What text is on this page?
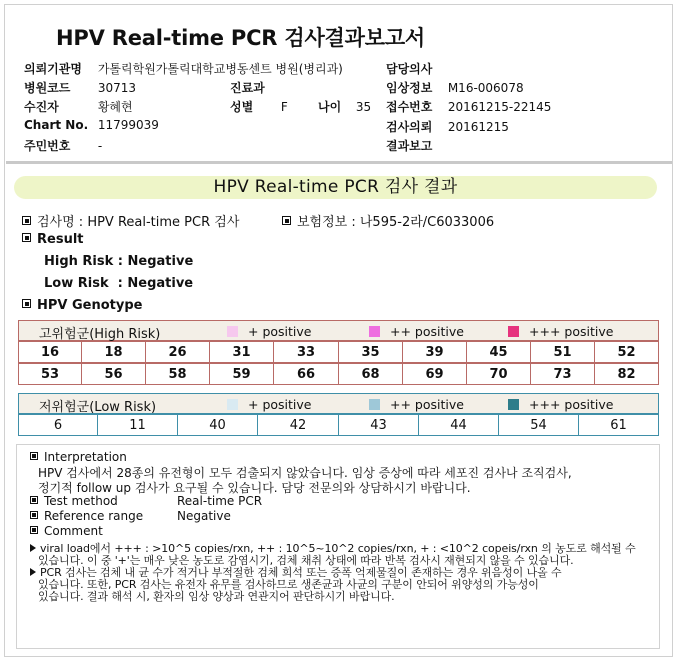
HPV Real-time PCR 검사결과보고서
의뢰기관명 가톨릭학원가톨릭대학교병동센트 병원(병리과)
병원코드 30713
수진자	황혜현
Chart No. 11799039
주민번호 -
진료과
성별 F	나이 35
담당의사
임상정보 M16-006078
접수번호 20161215-22145
검사의뢰 20161215
결과보고
HPV Real-time PCR 검사 결과
검사명 : HPV Real-time PCR 검사	보험정보 : 나595-2라/C6033006
Result
High Risk : Negative
Low Risk  : Negative
HPV Genotype
고위험군(High Risk)	+ positive	++ positive	+++ positive
16	18	26	31	33	35	39	45	51	52
53	56	58	59	66	68	69	70	73	82
저위험군(Low Risk)	+ positive	++ positive	+++ positive
6	11	40	42	43	44	54	61
Interpretation
HPV 검사에서 28종의 유전형이 모두 검출되지 않았습니다. 임상 증상에 따라 세포진 검사나 조직검사,
정기적 follow up 검사가 요구될 수 있습니다. 담당 전문의와 상담하시기 바랍니다.
Test method	Real-time PCR
Reference range	Negative
Comment
viral load에서 +++ : >10^5 copies/rxn, ++ : 10^5~10^2 copies/rxn, + : <10^2 copeis/rxn 의 농도로 해석될 수
있습니다. 이 중 '+'는 매우 낮은 농도로 감염시기, 검체 채취 상태에 따라 반복 검사시 재현되지 않을 수 있습니다.
PCR 검사는 검체 내 균 수가 적거나 부적절한 검체 희석 또는 증폭 억제물질이 존재하는 경우 위음성이 나올 수
있습니다. 또한, PCR 검사는 유전자 유무를 검사하므로 생존균과 사균의 구분이 안되어 위양성의 가능성이
있습니다. 결과 해석 시, 환자의 임상 양상과 연관지어 판단하시기 바랍니다.
